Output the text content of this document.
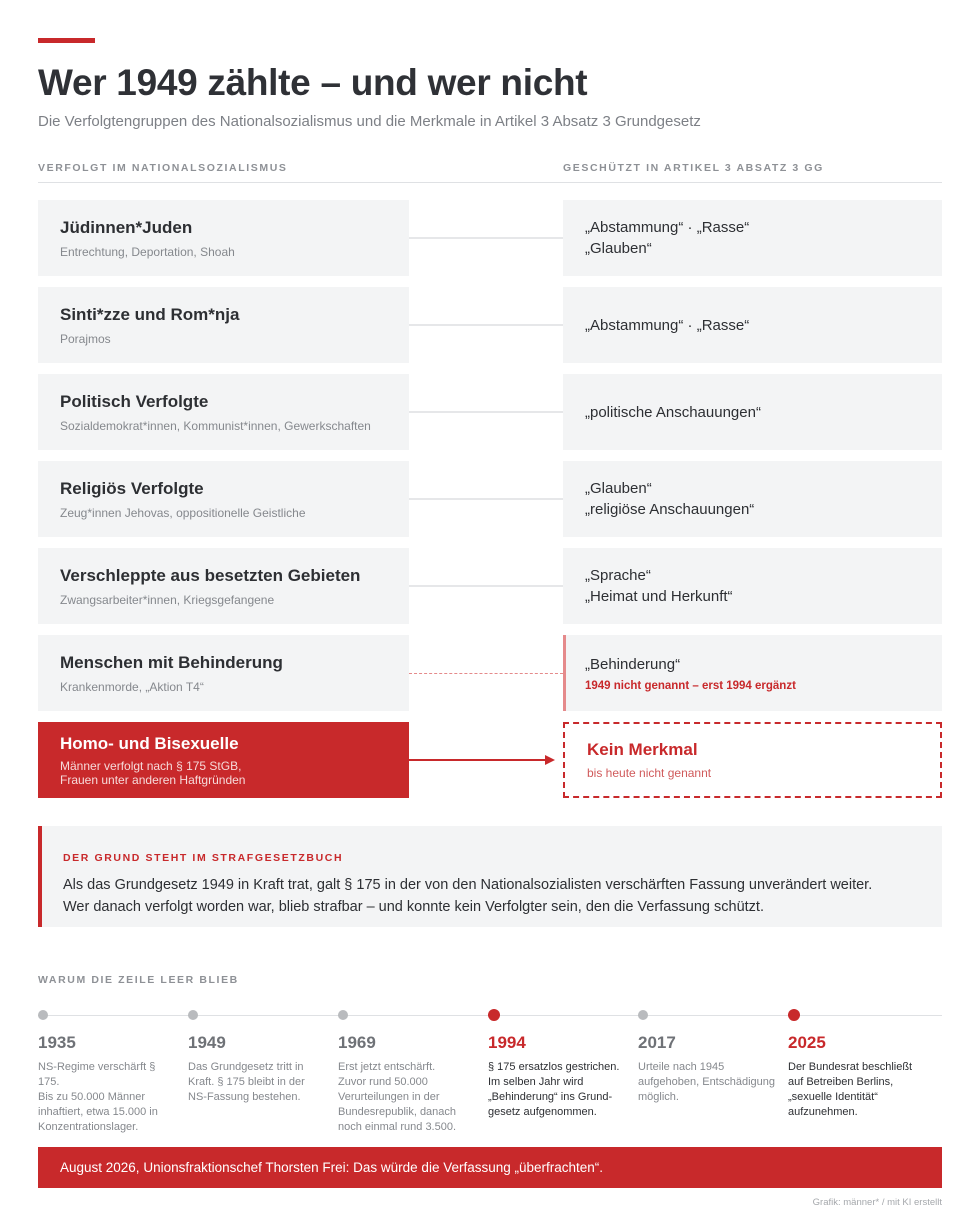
Wer 1949 zählte – und wer nicht
Die Verfolgtengruppen des Nationalsozialismus und die Merkmale in Artikel 3 Absatz 3 Grundgesetz
VERFOLGT IM NATIONALSOZIALISMUS	GESCHÜTZT IN ARTIKEL 3 ABSATZ 3 GG
Jüdinnen*Juden
Entrechtung, Deportation, Shoah
„Abstammung“ · „Rasse“
„Glauben“
Sinti*zze und Rom*nja
Porajmos
„Abstammung“ · „Rasse“
Politisch Verfolgte
Sozialdemokrat*innen, Kommunist*innen, Gewerkschaften
„politische Anschauungen“
Religiös Verfolgte
Zeug*innen Jehovas, oppositionelle Geistliche
„Glauben“
„religiöse Anschauungen“
Verschleppte aus besetzten Gebieten
Zwangsarbeiter*innen, Kriegsgefangene
„Sprache“
„Heimat und Herkunft“
Menschen mit Behinderung
Krankenmorde, „Aktion T4“
„Behinderung“
1949 nicht genannt – erst 1994 ergänzt
Homo- und Bisexuelle
Männer verfolgt nach § 175 StGB,
Frauen unter anderen Haftgründen
Kein Merkmal
bis heute nicht genannt
DER GRUND STEHT IM STRAFGESETZBUCH
Als das Grundgesetz 1949 in Kraft trat, galt § 175 in der von den Nationalsozialisten verschärften Fassung unverändert weiter.
Wer danach verfolgt worden war, blieb strafbar – und konnte kein Verfolgter sein, den die Verfassung schützt.
WARUM DIE ZEILE LEER BLIEB
1935
NS-Regime verschärft § 175.
Bis zu 50.000 Männer
inhaftiert, etwa 15.000 in
Konzentrationslager.
1949
Das Grundgesetz tritt in
Kraft. § 175 bleibt in der
NS-Fassung bestehen.
1969
Erst jetzt entschärft.
Zuvor rund 50.000
Verurteilungen in der
Bundesrepublik, danach
noch einmal rund 3.500.
1994
§ 175 ersatzlos gestrichen.
Im selben Jahr wird
„Behinderung“ ins Grund-
gesetz aufgenommen.
2017
Urteile nach 1945
aufgehoben, Entschädigung
möglich.
2025
Der Bundesrat beschließt
auf Betreiben Berlins,
„sexuelle Identität“
aufzunehmen.
August 2026, Unionsfraktionschef Thorsten Frei: Das würde die Verfassung „überfrachten“.
Grafik: männer* / mit KI erstellt
